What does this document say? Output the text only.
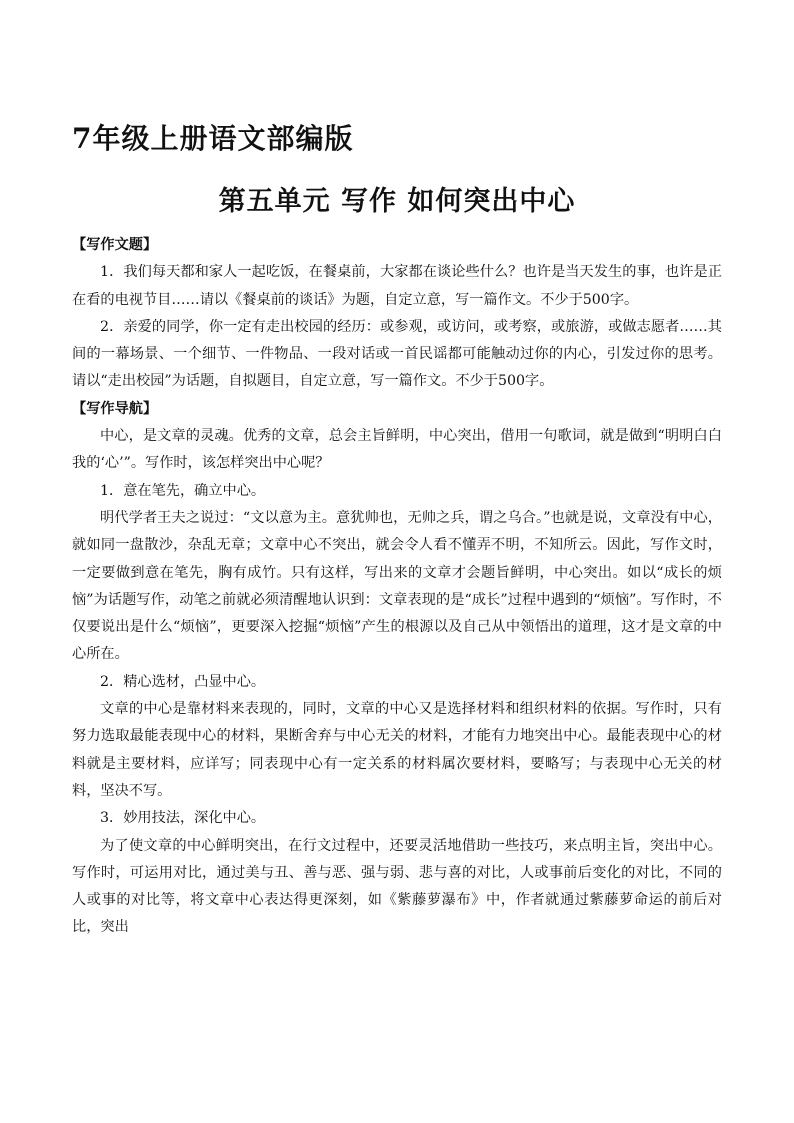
7年级上册语文部编版
第五单元 写作 如何突出中心

【写作文题】

1．我们每天都和家人一起吃饭，在餐桌前，大家都在谈论些什么？也许是当天发生的事，也许是正在看的电视节目……请以《餐桌前的谈话》为题，自定立意，写一篇作文。不少于500字。

2．亲爱的同学，你一定有走出校园的经历：或参观，或访问，或考察，或旅游，或做志愿者……其间的一幕场景、一个细节、一件物品、一段对话或一首民谣都可能触动过你的内心，引发过你的思考。请以“走出校园”为话题，自拟题目，自定立意，写一篇作文。不少于500字。

【写作导航】

中心，是文章的灵魂。优秀的文章，总会主旨鲜明，中心突出，借用一句歌词，就是做到“明明白白我的‘心’”。写作时，该怎样突出中心呢？

1．意在笔先，确立中心。

明代学者王夫之说过：“文以意为主。意犹帅也，无帅之兵，谓之乌合。”也就是说，文章没有中心，就如同一盘散沙，杂乱无章；文章中心不突出，就会令人看不懂弄不明，不知所云。因此，写作文时，一定要做到意在笔先，胸有成竹。只有这样，写出来的文章才会题旨鲜明，中心突出。如以“成长的烦恼”为话题写作，动笔之前就必须清醒地认识到：文章表现的是“成长”过程中遇到的“烦恼”。写作时，不仅要说出是什么“烦恼”，更要深入挖掘“烦恼”产生的根源以及自己从中领悟出的道理，这才是文章的中心所在。

2．精心选材，凸显中心。

文章的中心是靠材料来表现的，同时，文章的中心又是选择材料和组织材料的依据。写作时，只有努力选取最能表现中心的材料，果断舍弃与中心无关的材料，才能有力地突出中心。最能表现中心的材料就是主要材料，应详写；同表现中心有一定关系的材料属次要材料，要略写；与表现中心无关的材料，坚决不写。

3．妙用技法，深化中心。

为了使文章的中心鲜明突出，在行文过程中，还要灵活地借助一些技巧，来点明主旨，突出中心。写作时，可运用对比，通过美与丑、善与恶、强与弱、悲与喜的对比，人或事前后变化的对比，不同的人或事的对比等，将文章中心表达得更深刻，如《紫藤萝瀑布》中，作者就通过紫藤萝命运的前后对比，突出
